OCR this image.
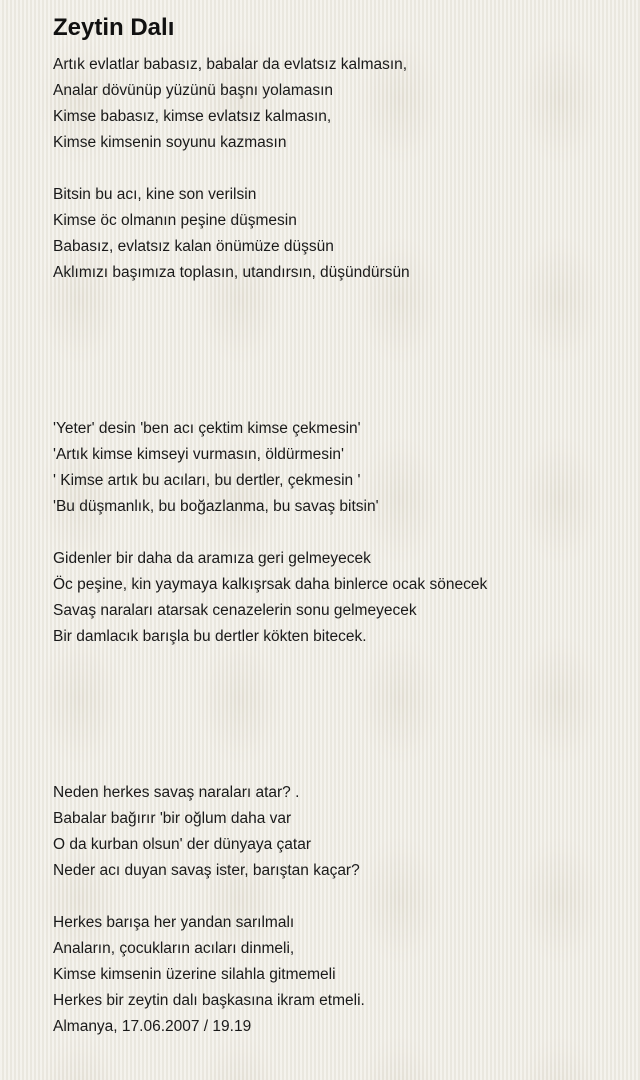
Zeytin Dalı
Artık evlatlar babasız, babalar da evlatsız kalmasın,
Analar dövünüp yüzünü başnı yolamasın
Kimse babasız, kimse evlatsız kalmasın,
Kimse kimsenin soyunu kazmasın
Bitsin bu acı, kine son verilsin
Kimse öc olmanın peşine düşmesin
Babasız, evlatsız kalan önümüze düşsün
Aklımızı başımıza toplasın, utandırsın, düşündürsün
'Yeter' desin 'ben acı çektim kimse çekmesin'
'Artık kimse kimseyi vurmasın, öldürmesin'
' Kimse artık bu acıları, bu dertler, çekmesin '
'Bu düşmanlık, bu boğazlanma, bu savaş bitsin'
Gidenler bir daha da aramıza geri gelmeyecek
Öc peşine, kin yaymaya kalkışrsak daha binlerce ocak sönecek
Savaş naraları atarsak cenazelerin sonu gelmeyecek
Bir damlacık barışla bu dertler kökten bitecek.
Neden herkes savaş naraları atar? .
Babalar bağırır 'bir oğlum daha var
O da kurban olsun' der dünyaya çatar
Neder acı duyan savaş ister, barıştan kaçar?
Herkes barışa her yandan sarılmalı
Anaların, çocukların acıları dinmeli,
Kimse kimsenin üzerine silahla gitmemeli
Herkes bir zeytin dalı başkasına ikram etmeli.
Almanya, 17.06.2007 / 19.19
